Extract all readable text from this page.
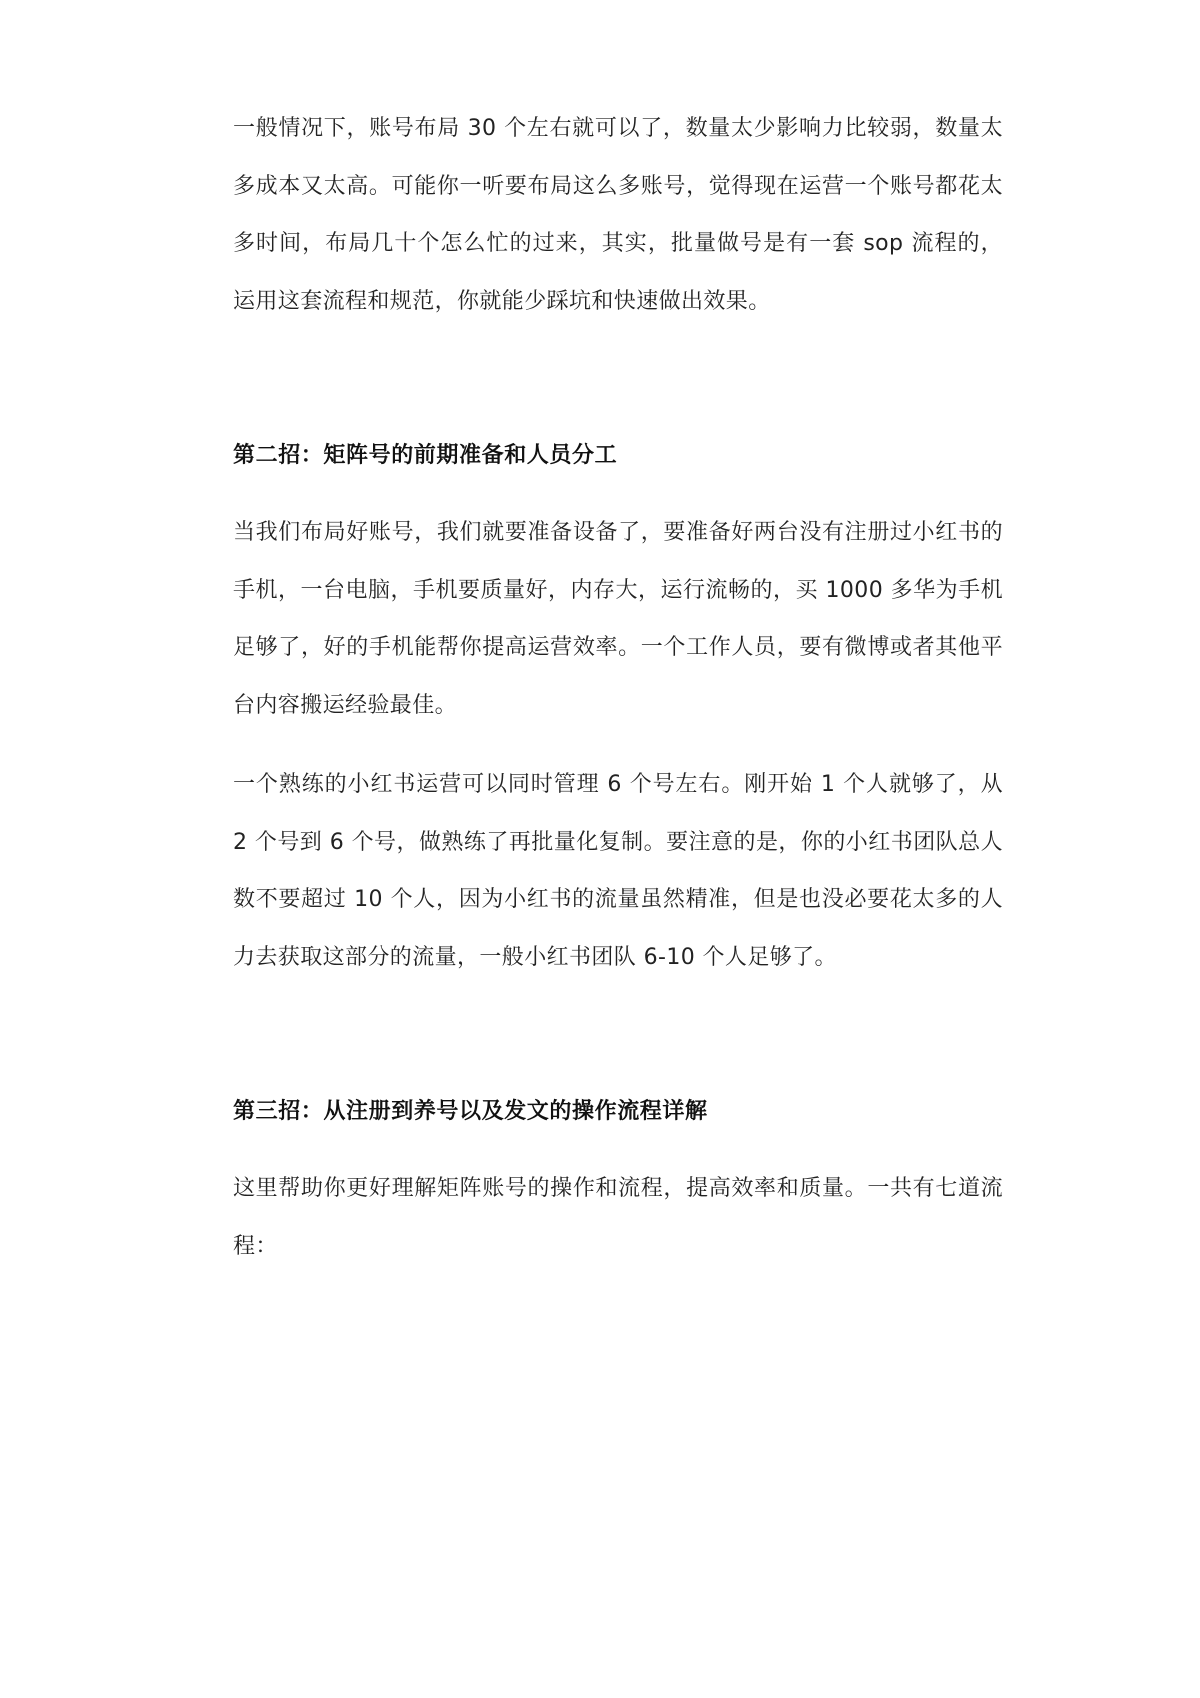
一般情况下，账号布局 30 个左右就可以了，数量太少影响力比较弱，数量太多成本又太高。可能你一听要布局这么多账号，觉得现在运营一个账号都花太多时间，布局几十个怎么忙的过来，其实，批量做号是有一套 sop 流程的，运用这套流程和规范，你就能少踩坑和快速做出效果。

第二招：矩阵号的前期准备和人员分工

当我们布局好账号，我们就要准备设备了，要准备好两台没有注册过小红书的手机，一台电脑，手机要质量好，内存大，运行流畅的，买 1000 多华为手机足够了，好的手机能帮你提高运营效率。一个工作人员，要有微博或者其他平台内容搬运经验最佳。

一个熟练的小红书运营可以同时管理 6 个号左右。刚开始 1 个人就够了，从 2 个号到 6 个号，做熟练了再批量化复制。要注意的是，你的小红书团队总人数不要超过 10 个人，因为小红书的流量虽然精准，但是也没必要花太多的人力去获取这部分的流量，一般小红书团队 6-10 个人足够了。

第三招：从注册到养号以及发文的操作流程详解

这里帮助你更好理解矩阵账号的操作和流程，提高效率和质量。一共有七道流程：
